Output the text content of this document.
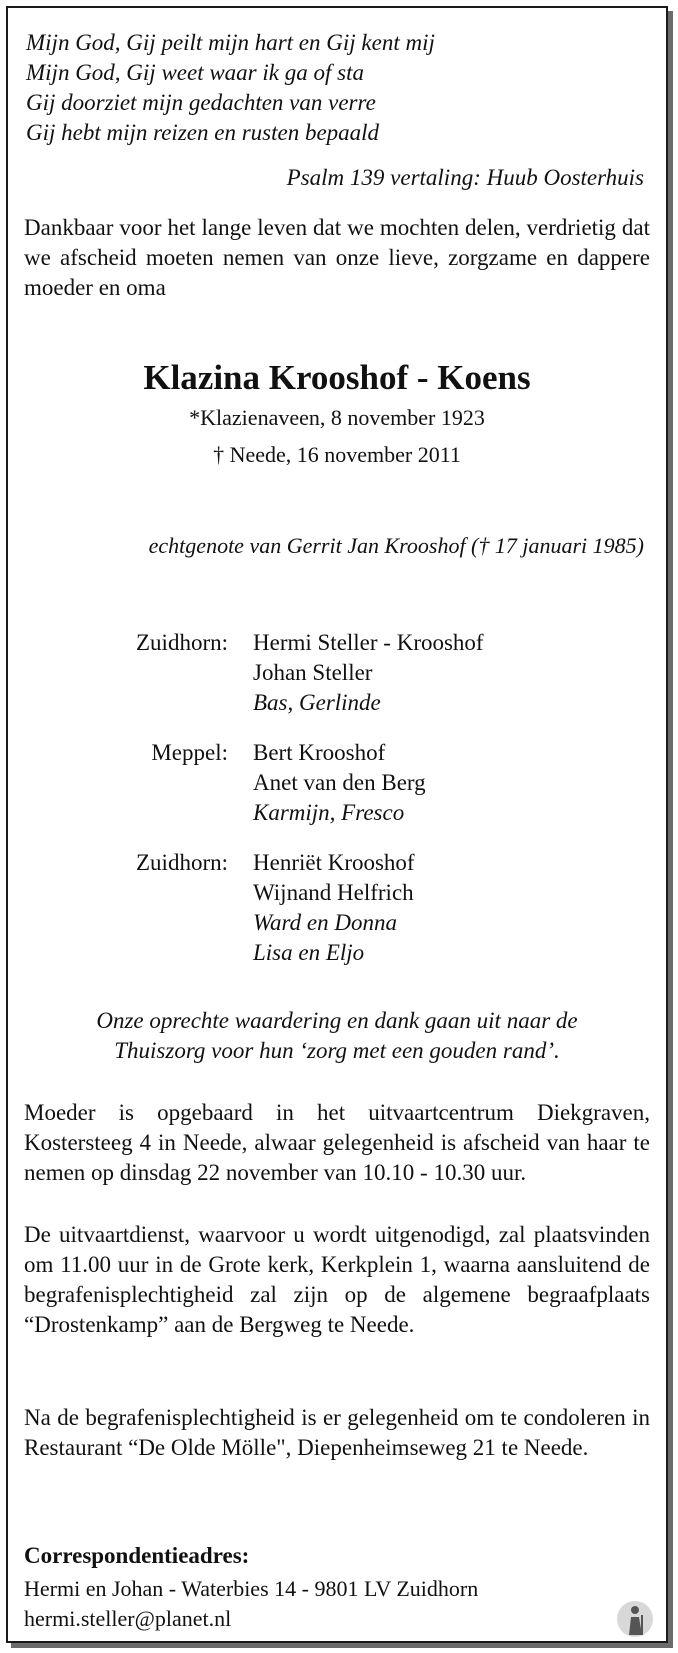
Mijn God, Gij peilt mijn hart en Gij kent mij
Mijn God, Gij weet waar ik ga of sta
Gij doorziet mijn gedachten van verre
Gij hebt mijn reizen en rusten bepaald
Psalm 139 vertaling: Huub Oosterhuis

Dankbaar voor het lange leven dat we mochten delen, verdrietig dat we afscheid moeten nemen van onze lieve, zorgzame en dappere moeder en oma

Klazina Krooshof - Koens
*Klazienaveen, 8 november 1923
† Neede, 16 november 2011
echtgenote van Gerrit Jan Krooshof († 17 januari 1985)
Zuidhorn:	Hermi Steller - Krooshof
Johan Steller
Bas, Gerlinde
Meppel:	Bert Krooshof
Anet van den Berg
Karmijn, Fresco
Zuidhorn:	Henriët Krooshof
Wijnand Helfrich
Ward en Donna
Lisa en Eljo
Onze oprechte waardering en dank gaan uit naar de
Thuiszorg voor hun ‘zorg met een gouden rand’.

Moeder is opgebaard in het uitvaartcentrum Diekgraven, Kostersteeg 4 in Neede, alwaar gelegenheid is afscheid van haar te nemen op dinsdag 22 november van 10.10 - 10.30 uur.

De uitvaartdienst, waarvoor u wordt uitgenodigd, zal plaatsvinden om 11.00 uur in de Grote kerk, Kerkplein 1, waarna aansluitend de begrafenisplechtigheid zal zijn op de algemene begraafplaats “Drostenkamp” aan de Bergweg te Neede.

Na de begrafenisplechtigheid is er gelegenheid om te condoleren in Restaurant “De Olde Mölle", Diepenheimseweg 21 te Neede.

Correspondentieadres:
Hermi en Johan - Waterbies 14 - 9801 LV Zuidhorn
hermi.steller@planet.nl
